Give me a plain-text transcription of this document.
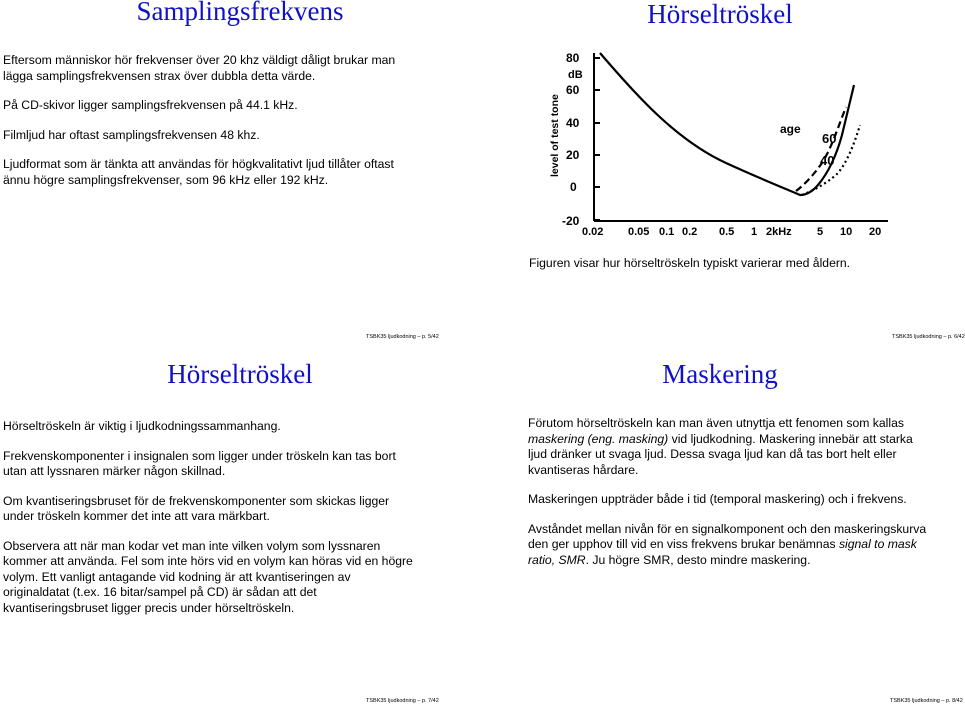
Samplingsfrekvens

Eftersom människor hör frekvenser över 20 khz väldigt dåligt brukar man lägga samplingsfrekvensen strax över dubbla detta värde.

På CD-skivor ligger samplingsfrekvensen på 44.1 kHz.

Filmljud har oftast samplingsfrekvensen 48 khz.

Ljudformat som är tänkta att användas för högkvalitativt ljud tillåter oftast ännu högre samplingsfrekvenser, som 96 kHz eller 192 kHz.

TSBK35 ljudkodning – p. 5/42
Hörseltröskel
80
dB
60
40
20
0
-20
level of test tone
0.02 0.05 0.1 0.2 0.5 1 2kHz 5 10 20
age
60
40
Figuren visar hur hörseltröskeln typiskt varierar med åldern.
TSBK35 ljudkodning – p. 6/42
Hörseltröskel

Hörseltröskeln är viktig i ljudkodningssammanhang.

Frekvenskomponenter i insignalen som ligger under tröskeln kan tas bort utan att lyssnaren märker någon skillnad.

Om kvantiseringsbruset för de frekvenskomponenter som skickas ligger under tröskeln kommer det inte att vara märkbart.

Observera att när man kodar vet man inte vilken volym som lyssnaren kommer att använda. Fel som inte hörs vid en volym kan höras vid en högre volym. Ett vanligt antagande vid kodning är att kvantiseringen av originaldatat (t.ex. 16 bitar/sampel på CD) är sådan att det kvantiseringsbruset ligger precis under hörseltröskeln.

TSBK35 ljudkodning – p. 7/42
Maskering

Förutom hörseltröskeln kan man även utnyttja ett fenomen som kallas maskering (eng. masking) vid ljudkodning. Maskering innebär att starka ljud dränker ut svaga ljud. Dessa svaga ljud kan då tas bort helt eller kvantiseras hårdare.

Maskeringen uppträder både i tid (temporal maskering) och i frekvens.

Avståndet mellan nivån för en signalkomponent och den maskeringskurva den ger upphov till vid en viss frekvens brukar benämnas signal to mask ratio, SMR. Ju högre SMR, desto mindre maskering.

TSBK35 ljudkodning – p. 8/42
